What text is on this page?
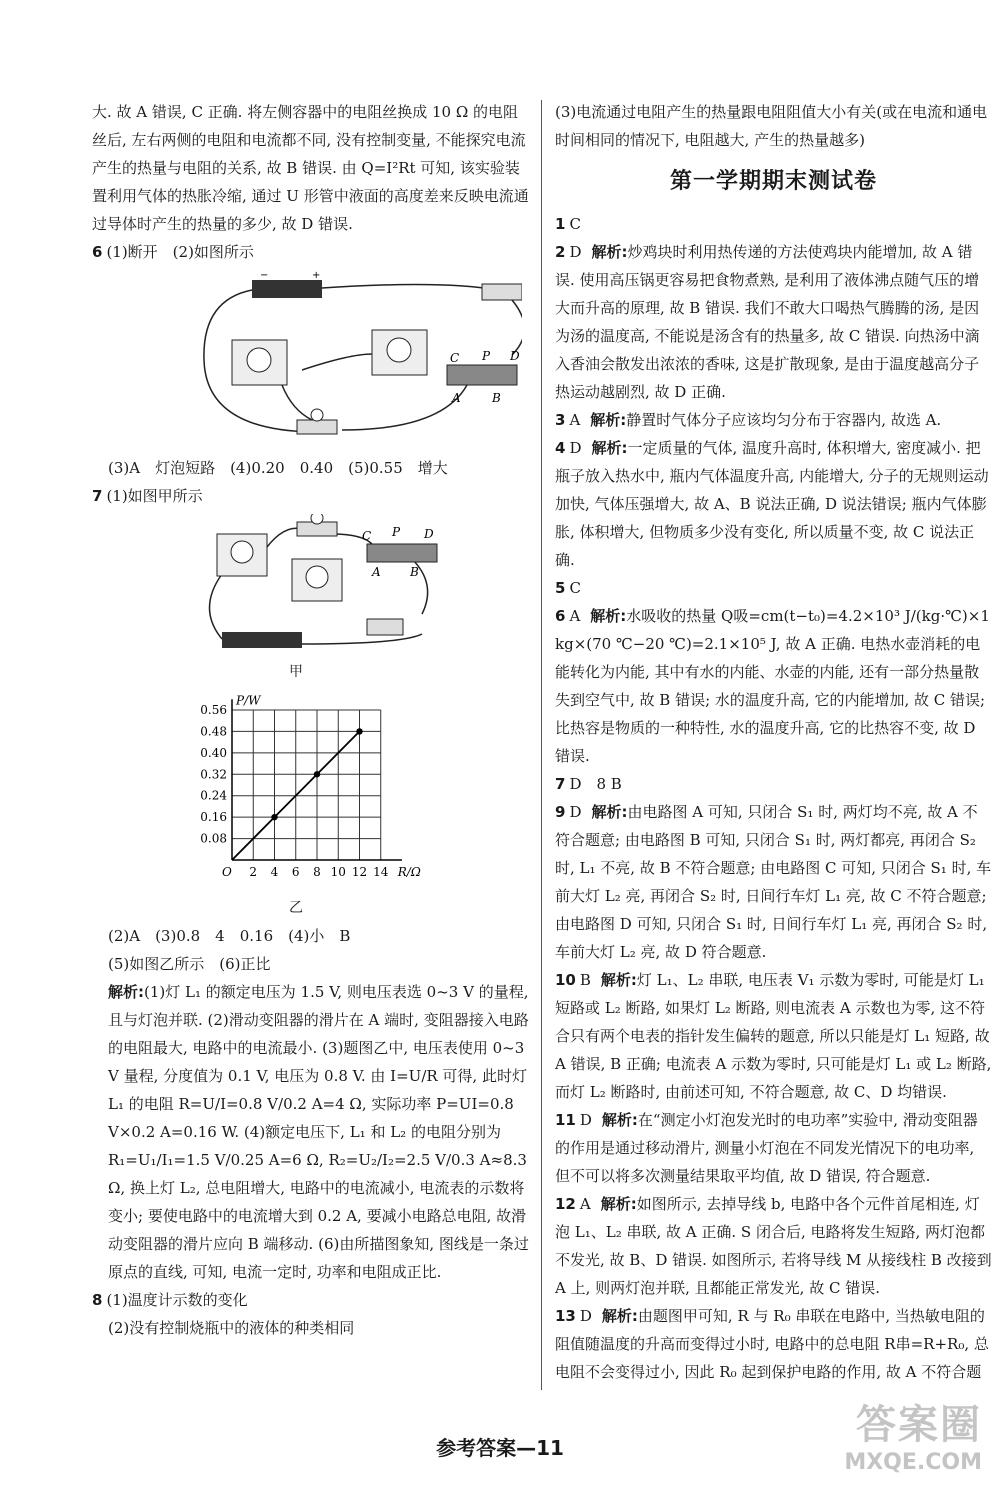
大. 故 A 错误, C 正确. 将左侧容器中的电阻丝换成 10 Ω 的电阻丝后, 左右两侧的电阻和电流都不同, 没有控制变量, 不能探究电流产生的热量与电阻的关系, 故 B 错误. 由 Q=I²Rt 可知, 该实验装置利用气体的热胀冷缩, 通过 U 形管中液面的高度差来反映电流通过导体时产生的热量的多少, 故 D 错误.

6 (1)断开　(2)如图所示

−	+
C P D
A	B

(3)A　灯泡短路　(4)0.20　0.40　(5)0.55　增大

7 (1)如图甲所示

C P D
A B
甲
2 4 6 8 10 12 14
0.08
0.16
0.24
0.32
0.40
0.48
0.56
O	R/Ω
P/W
乙

(2)A　(3)0.8　4　0.16　(4)小　B

(5)如图乙所示　(6)正比

解析:(1)灯 L₁ 的额定电压为 1.5 V, 则电压表选 0~3 V 的量程, 且与灯泡并联. (2)滑动变阻器的滑片在 A 端时, 变阻器接入电路的电阻最大, 电路中的电流最小. (3)题图乙中, 电压表使用 0~3 V 量程, 分度值为 0.1 V, 电压为 0.8 V. 由 I=U/R 可得, 此时灯 L₁ 的电阻 R=U/I=0.8 V/0.2 A=4 Ω, 实际功率 P=UI=0.8 V×0.2 A=0.16 W. (4)额定电压下, L₁ 和 L₂ 的电阻分别为 R₁=U₁/I₁=1.5 V/0.25 A=6 Ω, R₂=U₂/I₂=2.5 V/0.3 A≈8.3 Ω, 换上灯 L₂, 总电阻增大, 电路中的电流减小, 电流表的示数将变小; 要使电路中的电流增大到 0.2 A, 要减小电路总电阻, 故滑动变阻器的滑片应向 B 端移动. (6)由所描图象知, 图线是一条过原点的直线, 可知, 电流一定时, 功率和电阻成正比.

8 (1)温度计示数的变化

(2)没有控制烧瓶中的液体的种类相同

(3)电流通过电阻产生的热量跟电阻阻值大小有关(或在电流和通电时间相同的情况下, 电阻越大, 产生的热量越多)

第一学期期末测试卷

1 C

2 D 解析:炒鸡块时利用热传递的方法使鸡块内能增加, 故 A 错误. 使用高压锅更容易把食物煮熟, 是利用了液体沸点随气压的增大而升高的原理, 故 B 错误. 我们不敢大口喝热气腾腾的汤, 是因为汤的温度高, 不能说是汤含有的热量多, 故 C 错误. 向热汤中滴入香油会散发出浓浓的香味, 这是扩散现象, 是由于温度越高分子热运动越剧烈, 故 D 正确.

3 A 解析:静置时气体分子应该均匀分布于容器内, 故选 A.

4 D 解析:一定质量的气体, 温度升高时, 体积增大, 密度减小. 把瓶子放入热水中, 瓶内气体温度升高, 内能增大, 分子的无规则运动加快, 气体压强增大, 故 A、B 说法正确, D 说法错误; 瓶内气体膨胀, 体积增大, 但物质多少没有变化, 所以质量不变, 故 C 说法正确.

5 C

6 A 解析:水吸收的热量 Q吸=cm(t−t₀)=4.2×10³ J/(kg·℃)×1 kg×(70 ℃−20 ℃)=2.1×10⁵ J, 故 A 正确. 电热水壶消耗的电能转化为内能, 其中有水的内能、水壶的内能, 还有一部分热量散失到空气中, 故 B 错误; 水的温度升高, 它的内能增加, 故 C 错误; 比热容是物质的一种特性, 水的温度升高, 它的比热容不变, 故 D 错误.

7 D　8 B

9 D 解析:由电路图 A 可知, 只闭合 S₁ 时, 两灯均不亮, 故 A 不符合题意; 由电路图 B 可知, 只闭合 S₁ 时, 两灯都亮, 再闭合 S₂ 时, L₁ 不亮, 故 B 不符合题意; 由电路图 C 可知, 只闭合 S₁ 时, 车前大灯 L₂ 亮, 再闭合 S₂ 时, 日间行车灯 L₁ 亮, 故 C 不符合题意; 由电路图 D 可知, 只闭合 S₁ 时, 日间行车灯 L₁ 亮, 再闭合 S₂ 时, 车前大灯 L₂ 亮, 故 D 符合题意.

10 B 解析:灯 L₁、L₂ 串联, 电压表 V₁ 示数为零时, 可能是灯 L₁ 短路或 L₂ 断路, 如果灯 L₂ 断路, 则电流表 A 示数也为零, 这不符合只有两个电表的指针发生偏转的题意, 所以只能是灯 L₁ 短路, 故 A 错误, B 正确; 电流表 A 示数为零时, 只可能是灯 L₁ 或 L₂ 断路, 而灯 L₂ 断路时, 由前述可知, 不符合题意, 故 C、D 均错误.

11 D 解析:在“测定小灯泡发光时的电功率”实验中, 滑动变阻器的作用是通过移动滑片, 测量小灯泡在不同发光情况下的电功率, 但不可以将多次测量结果取平均值, 故 D 错误, 符合题意.

12 A 解析:如图所示, 去掉导线 b, 电路中各个元件首尾相连, 灯泡 L₁、L₂ 串联, 故 A 正确. S 闭合后, 电路将发生短路, 两灯泡都不发光, 故 B、D 错误. 如图所示, 若将导线 M 从接线柱 B 改接到 A 上, 则两灯泡并联, 且都能正常发光, 故 C 错误.

13 D 解析:由题图甲可知, R 与 R₀ 串联在电路中, 当热敏电阻的阻值随温度的升高而变得过小时, 电路中的总电阻 R串=R+R₀, 总电阻不会变得过小, 因此 R₀ 起到保护电路的作用, 故 A 不符合题

参考答案—11	答案圈
MXQE.COM
